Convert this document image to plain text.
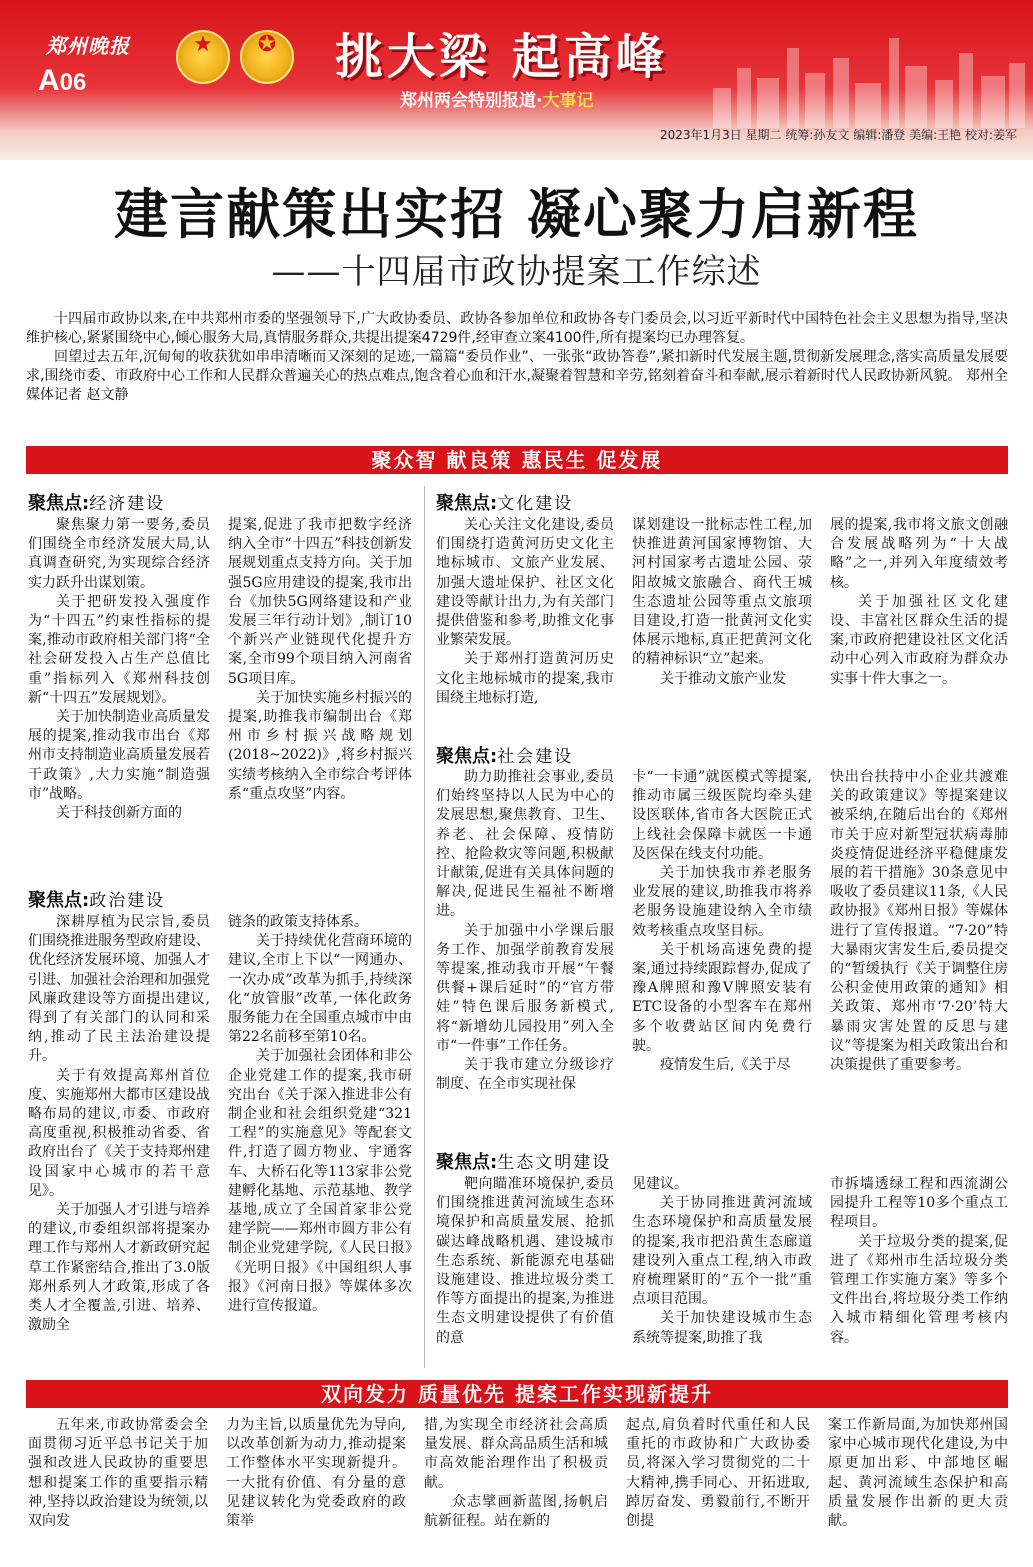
郑州晚报
A06
★	✪	挑大梁 起高峰
郑州两会特别报道·大事记
2023年1月3日 星期二 统筹:孙友文 编辑:潘登 美编:王艳 校对:姜军
建言献策出实招 凝心聚力启新程
——十四届市政协提案工作综述

十四届市政协以来,在中共郑州市委的坚强领导下,广大政协委员、政协各参加单位和政协各专门委员会,以习近平新时代中国特色社会主义思想为指导,坚决维护核心,紧紧围绕中心,倾心服务大局,真情服务群众,共提出提案4729件,经审查立案4100件,所有提案均已办理答复。

回望过去五年,沉甸甸的收获犹如串串清晰而又深刻的足迹,一篇篇“委员作业”、一张张“政协答卷”,紧扣新时代发展主题,贯彻新发展理念,落实高质量发展要求,围绕市委、市政府中心工作和人民群众普遍关心的热点难点,饱含着心血和汗水,凝聚着智慧和辛劳,铭刻着奋斗和奉献,展示着新时代人民政协新风貌。 郑州全媒体记者 赵文静

聚众智 献良策 惠民生 促发展
聚焦点:经济建设

聚焦聚力第一要务,委员们围绕全市经济发展大局,认真调查研究,为实现综合经济实力跃升出谋划策。

关于把研发投入强度作为“十四五”约束性指标的提案,推动市政府相关部门将“全社会研发投入占生产总值比重”指标列入《郑州科技创新“十四五”发展规划》。

关于加快制造业高质量发展的提案,推动我市出台《郑州市支持制造业高质量发展若干政策》,大力实施“制造强市”战略。

关于科技创新方面的

提案,促进了我市把数字经济纳入全市“十四五”科技创新发展规划重点支持方向。关于加强5G应用建设的提案,我市出台《加快5G网络建设和产业发展三年行动计划》,制订10个新兴产业链现代化提升方案,全市99个项目纳入河南省5G项目库。

关于加快实施乡村振兴的提案,助推我市编制出台《郑州市乡村振兴战略规划(2018~2022)》,将乡村振兴实绩考核纳入全市综合考评体系“重点攻坚”内容。

聚焦点:政治建设

深耕厚植为民宗旨,委员们围绕推进服务型政府建设、优化经济发展环境、加强人才引进、加强社会治理和加强党风廉政建设等方面提出建议,得到了有关部门的认同和采纳,推动了民主法治建设提升。

关于有效提高郑州首位度、实施郑州大都市区建设战略布局的建议,市委、市政府高度重视,积极推动省委、省政府出台了《关于支持郑州建设国家中心城市的若干意见》。

关于加强人才引进与培养的建议,市委组织部将提案办理工作与郑州人才新政研究起草工作紧密结合,推出了3.0版郑州系列人才政策,形成了各类人才全覆盖,引进、培养、激励全

链条的政策支持体系。

关于持续优化营商环境的建议,全市上下以“一网通办、一次办成”改革为抓手,持续深化“放管服”改革,一体化政务服务能力在全国重点城市中由第22名前移至第10名。

关于加强社会团体和非公企业党建工作的提案,我市研究出台《关于深入推进非公有制企业和社会组织党建“321工程”的实施意见》等配套文件,打造了圆方物业、宇通客车、大桥石化等113家非公党建孵化基地、示范基地、教学基地,成立了全国首家非公党建学院——郑州市圆方非公有制企业党建学院,《人民日报》《光明日报》《中国组织人事报》《河南日报》等媒体多次进行宣传报道。

聚焦点:文化建设

关心关注文化建设,委员们围绕打造黄河历史文化主地标城市、文旅产业发展、加强大遗址保护、社区文化建设等献计出力,为有关部门提供借鉴和参考,助推文化事业繁荣发展。

关于郑州打造黄河历史文化主地标城市的提案,我市围绕主地标打造,

谋划建设一批标志性工程,加快推进黄河国家博物馆、大河村国家考古遗址公园、荥阳故城文旅融合、商代王城生态遗址公园等重点文旅项目建设,打造一批黄河文化实体展示地标,真正把黄河文化的精神标识“立”起来。

关于推动文旅产业发

展的提案,我市将文旅文创融合发展战略列为“十大战略”之一,并列入年度绩效考核。

关于加强社区文化建设、丰富社区群众生活的提案,市政府把建设社区文化活动中心列入市政府为群众办实事十件大事之一。

聚焦点:社会建设

助力助推社会事业,委员们始终坚持以人民为中心的发展思想,聚焦教育、卫生、养老、社会保障、疫情防控、抢险救灾等问题,积极献计献策,促进有关具体问题的解决,促进民生福祉不断增进。

关于加强中小学课后服务工作、加强学前教育发展等提案,推动我市开展“午餐供餐+课后延时”的“官方带娃”特色课后服务新模式,将“新增幼儿园投用”列入全市“一件事”工作任务。

关于我市建立分级诊疗制度、在全市实现社保

卡“一卡通”就医模式等提案,推动市属三级医院均牵头建设医联体,省市各大医院正式上线社会保障卡就医一卡通及医保在线支付功能。

关于加快我市养老服务业发展的建议,助推我市将养老服务设施建设纳入全市绩效考核重点攻坚目标。

关于机场高速免费的提案,通过持续跟踪督办,促成了豫A牌照和豫V牌照安装有ETC设备的小型客车在郑州多个收费站区间内免费行驶。

疫情发生后,《关于尽

快出台扶持中小企业共渡难关的政策建议》等提案建议被采纳,在随后出台的《郑州市关于应对新型冠状病毒肺炎疫情促进经济平稳健康发展的若干措施》30条意见中吸收了委员建议11条,《人民政协报》《郑州日报》等媒体进行了宣传报道。“7·20”特大暴雨灾害发生后,委员提交的“暂缓执行《关于调整住房公积金使用政策的通知》相关政策、郑州市‘7·20’特大暴雨灾害处置的反思与建议”等提案为相关政策出台和决策提供了重要参考。

聚焦点:生态文明建设

靶向瞄准环境保护,委员们围绕推进黄河流域生态环境保护和高质量发展、抢抓碳达峰战略机遇、建设城市生态系统、新能源充电基础设施建设、推进垃圾分类工作等方面提出的提案,为推进生态文明建设提供了有价值的意

见建议。

关于协同推进黄河流域生态环境保护和高质量发展的提案,我市把沿黄生态廊道建设列入重点工程,纳入市政府梳理紧盯的“五个一批”重点项目范围。

关于加快建设城市生态系统等提案,助推了我

市拆墙透绿工程和西流湖公园提升工程等10多个重点工程项目。

关于垃圾分类的提案,促进了《郑州市生活垃圾分类管理工作实施方案》等多个文件出台,将垃圾分类工作纳入城市精细化管理考核内容。

双向发力 质量优先 提案工作实现新提升

五年来,市政协常委会全面贯彻习近平总书记关于加强和改进人民政协的重要思想和提案工作的重要指示精神,坚持以政治建设为统领,以双向发

力为主旨,以质量优先为导向,以改革创新为动力,推动提案工作整体水平实现新提升。一大批有价值、有分量的意见建议转化为党委政府的政策举

措,为实现全市经济社会高质量发展、群众高品质生活和城市高效能治理作出了积极贡献。

众志擘画新蓝图,扬帆启航新征程。站在新的

起点,肩负着时代重任和人民重托的市政协和广大政协委员,将深入学习贯彻党的二十大精神,携手同心、开拓进取,踔厉奋发、勇毅前行,不断开创提

案工作新局面,为加快郑州国家中心城市现代化建设,为中原更加出彩、中部地区崛起、黄河流域生态保护和高质量发展作出新的更大贡献。
